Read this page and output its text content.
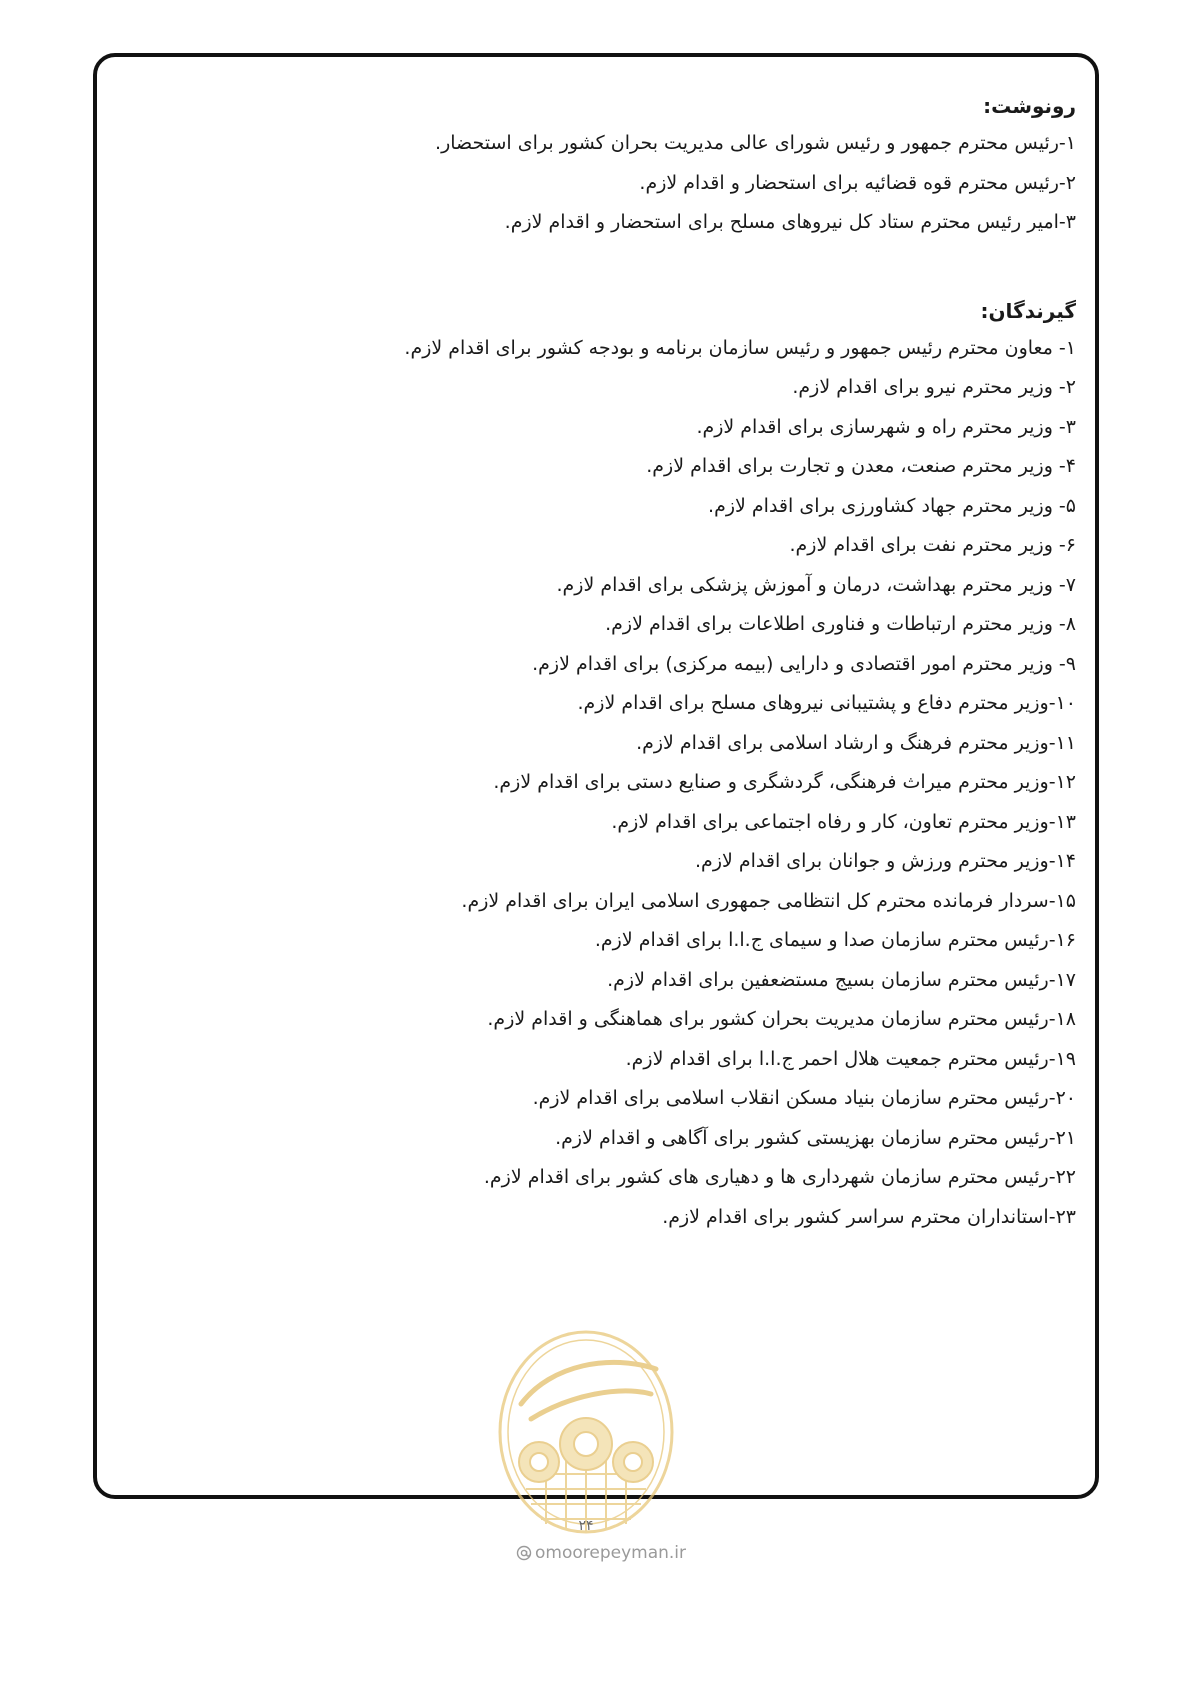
رونوشت:
۱-رئیس محترم جمهور و رئیس شورای عالی مدیریت بحران کشور برای استحضار.
۲-رئیس محترم قوه قضائیه برای استحضار و اقدام لازم.
۳-امیر رئیس محترم ستاد کل نیروهای مسلح برای استحضار و اقدام لازم.
گیرندگان:
۱- معاون محترم رئیس جمهور و رئیس سازمان برنامه و بودجه کشور برای اقدام لازم.
۲- وزیر محترم نیرو برای اقدام لازم.
۳- وزیر محترم راه و شهرسازی برای اقدام لازم.
۴- وزیر محترم صنعت، معدن و تجارت برای اقدام لازم.
۵- وزیر محترم جهاد کشاورزی برای اقدام لازم.
۶- وزیر محترم نفت برای اقدام لازم.
۷- وزیر محترم بهداشت، درمان و آموزش پزشکی برای اقدام لازم.
۸- وزیر محترم ارتباطات و فناوری اطلاعات برای اقدام لازم.
۹- وزیر محترم امور اقتصادی و دارایی (بیمه مرکزی) برای اقدام لازم.
۱۰-وزیر محترم دفاع و پشتیبانی نیروهای مسلح برای اقدام لازم.
۱۱-وزیر محترم فرهنگ و ارشاد اسلامی برای اقدام لازم.
۱۲-وزیر محترم میراث فرهنگی، گردشگری و صنایع دستی برای اقدام لازم.
۱۳-وزیر محترم تعاون، کار و رفاه اجتماعی برای اقدام لازم.
۱۴-وزیر محترم ورزش و جوانان برای اقدام لازم.
۱۵-سردار فرمانده محترم کل انتظامی جمهوری اسلامی ایران برای اقدام لازم.
۱۶-رئیس محترم سازمان صدا و سیمای ج.ا.ا برای اقدام لازم.
۱۷-رئیس محترم سازمان بسیج مستضعفین برای اقدام لازم.
۱۸-رئیس محترم سازمان مدیریت بحران کشور برای هماهنگی و اقدام لازم.
۱۹-رئیس محترم جمعیت هلال احمر ج.ا.ا برای اقدام لازم.
۲۰-رئیس محترم سازمان بنیاد مسکن انقلاب اسلامی برای اقدام لازم.
۲۱-رئیس محترم سازمان بهزیستی کشور برای آگاهی و اقدام لازم.
۲۲-رئیس محترم سازمان شهرداری ها و دهیاری های کشور برای اقدام لازم.
۲۳-استانداران محترم سراسر کشور برای اقدام لازم.
۲۴
omoorepeyman.ir
